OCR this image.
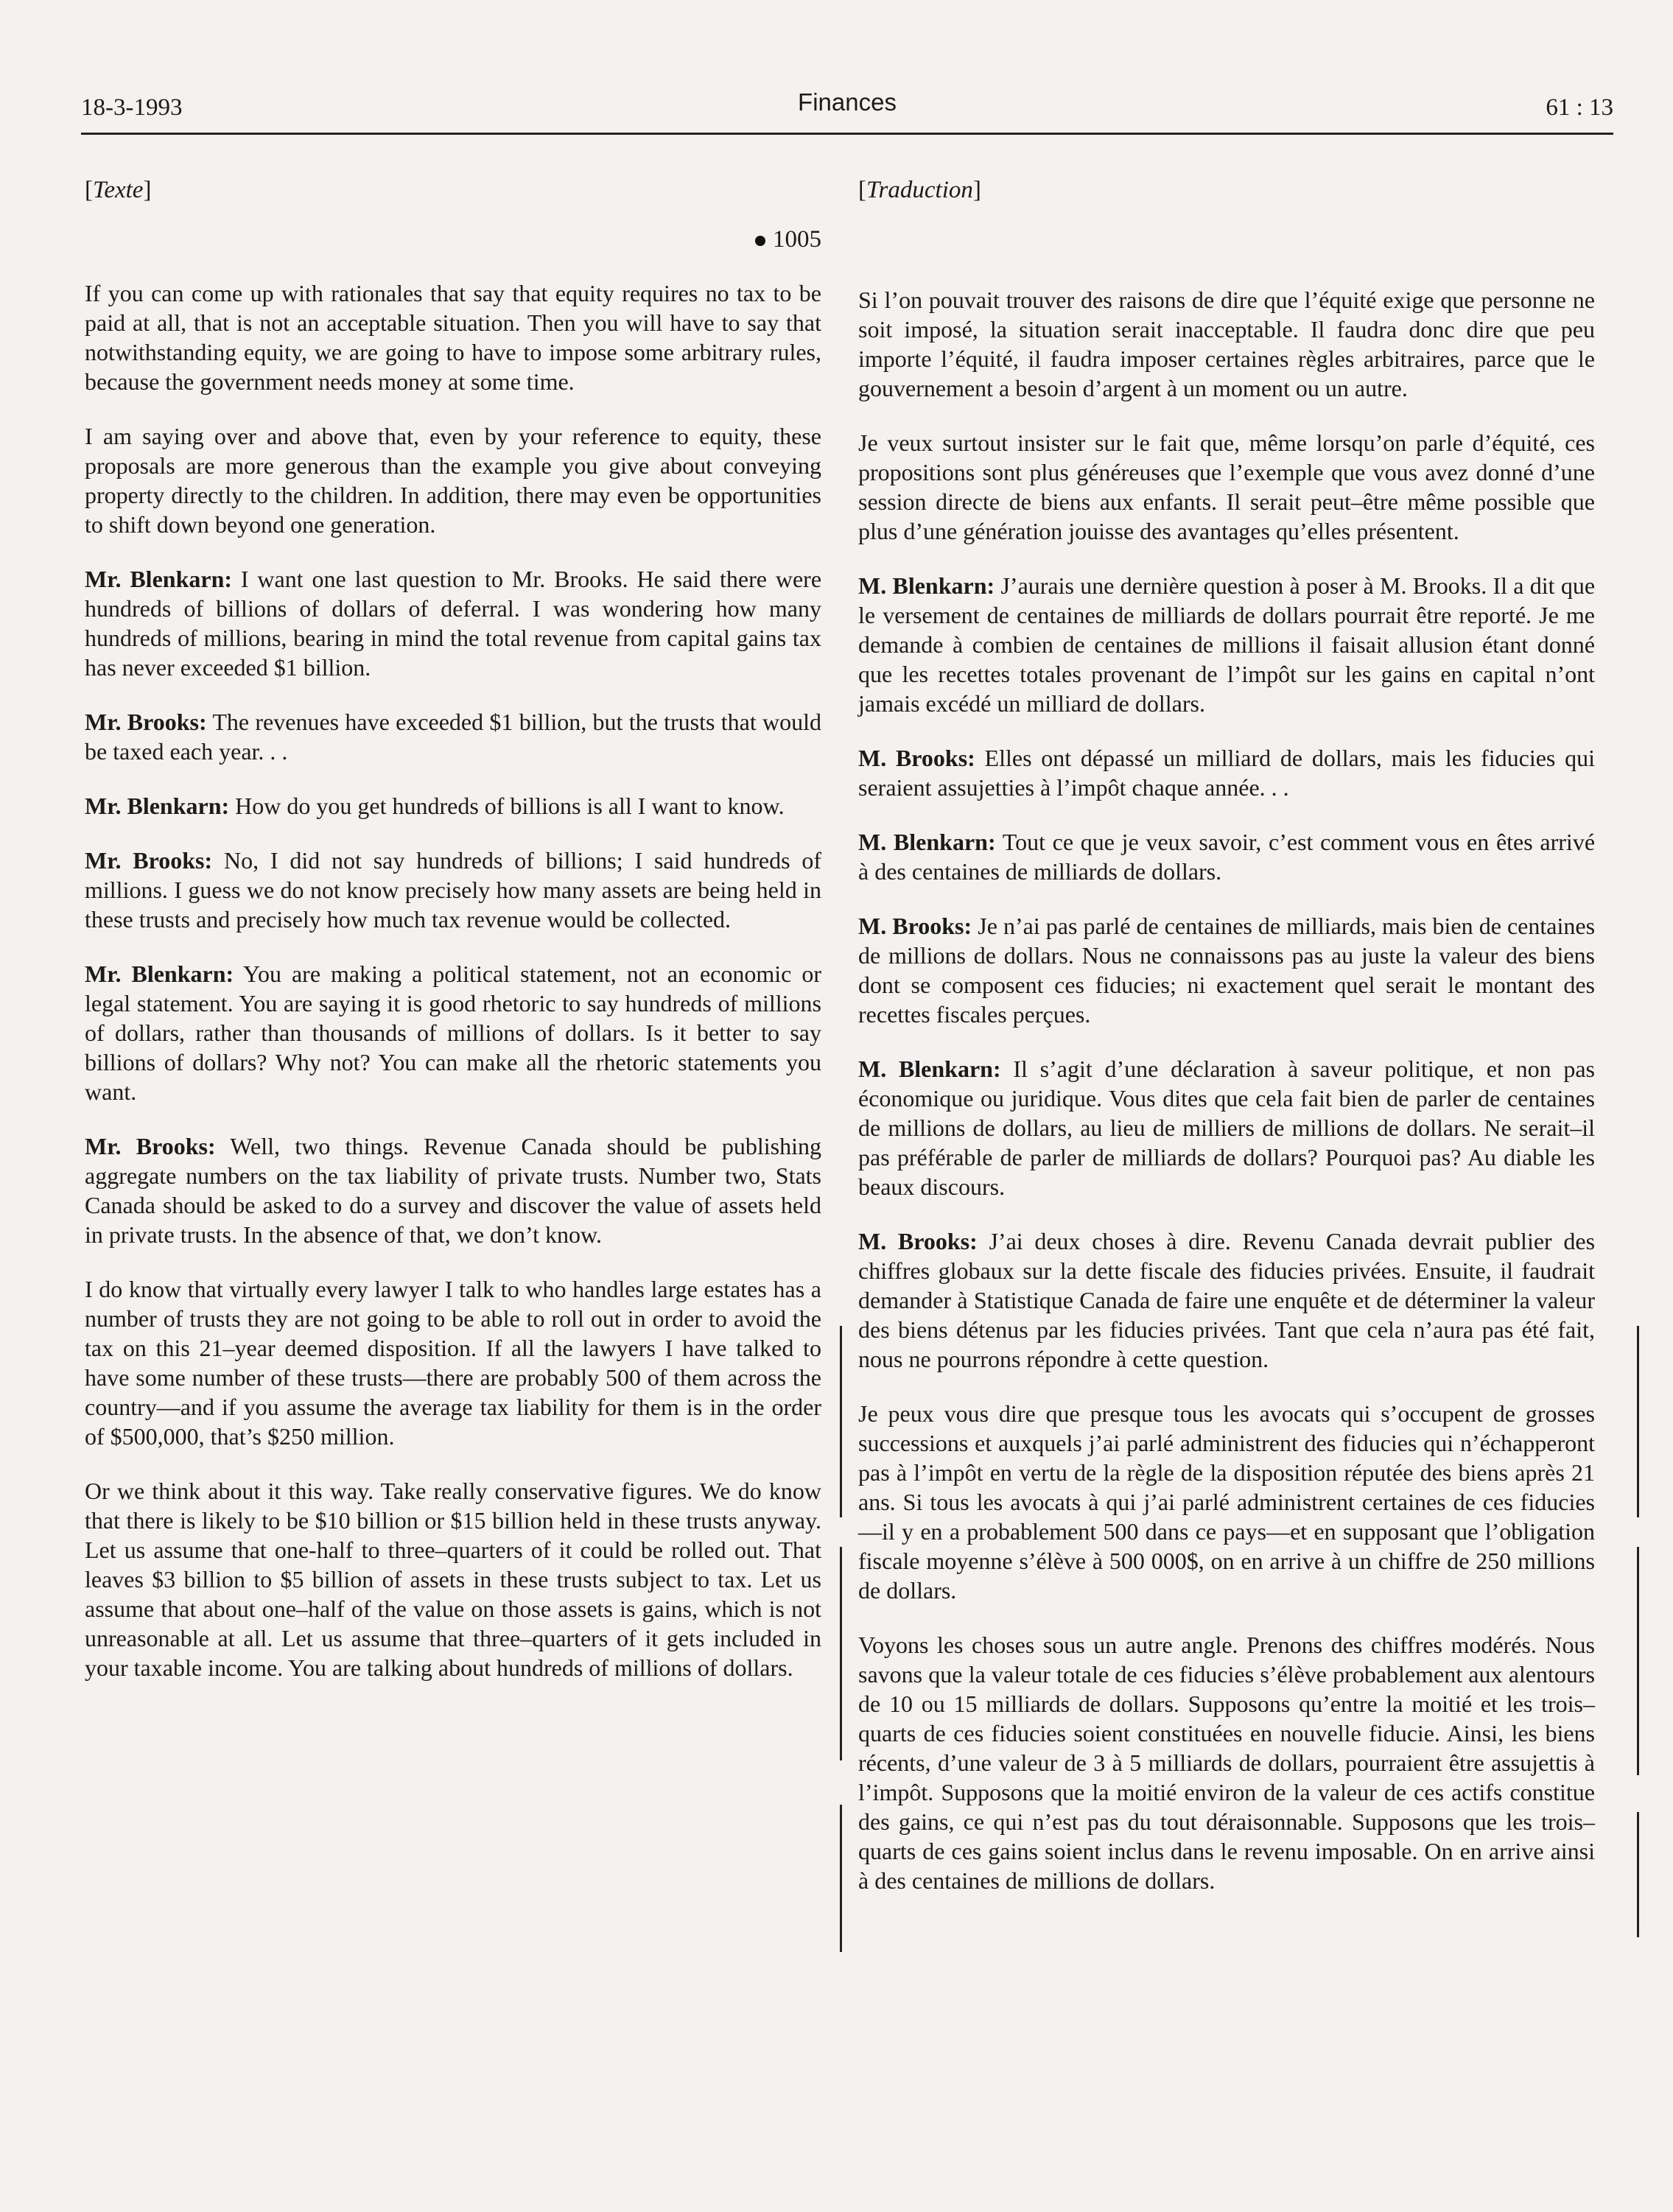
18-3-1993	Finances	61 : 13
[Texte]
1005

If you can come up with rationales that say that equity requires no tax to be paid at all, that is not an acceptable situation. Then you will have to say that notwithstanding equity, we are going to have to impose some arbitrary rules, because the government needs money at some time.

I am saying over and above that, even by your reference to equity, these proposals are more generous than the example you give about conveying property directly to the children. In addition, there may even be opportunities to shift down beyond one generation.

Mr. Blenkarn: I want one last question to Mr. Brooks. He said there were hundreds of billions of dollars of deferral. I was wondering how many hundreds of millions, bearing in mind the total revenue from capital gains tax has never exceeded $1 billion.

Mr. Brooks: The revenues have exceeded $1 billion, but the trusts that would be taxed each year. . .

Mr. Blenkarn: How do you get hundreds of billions is all I want to know.

Mr. Brooks: No, I did not say hundreds of billions; I said hundreds of millions. I guess we do not know precisely how many assets are being held in these trusts and precisely how much tax revenue would be collected.

Mr. Blenkarn: You are making a political statement, not an economic or legal statement. You are saying it is good rhetoric to say hundreds of millions of dollars, rather than thousands of millions of dollars. Is it better to say billions of dollars? Why not? You can make all the rhetoric statements you want.

Mr. Brooks: Well, two things. Revenue Canada should be publishing aggregate numbers on the tax liability of private trusts. Number two, Stats Canada should be asked to do a survey and discover the value of assets held in private trusts. In the absence of that, we don’t know.

I do know that virtually every lawyer I talk to who handles large estates has a number of trusts they are not going to be able to roll out in order to avoid the tax on this 21–year deemed disposition. If all the lawyers I have talked to have some number of these trusts—there are probably 500 of them across the country—and if you assume the average tax liability for them is in the order of $500,000, that’s $250 million.

Or we think about it this way. Take really conservative figures. We do know that there is likely to be $10 billion or $15 billion held in these trusts anyway. Let us assume that one-half to three–quarters of it could be rolled out. That leaves $3 billion to $5 billion of assets in these trusts subject to tax. Let us assume that about one–half of the value on those assets is gains, which is not unreasonable at all. Let us assume that three–quarters of it gets included in your taxable income. You are talking about hundreds of millions of dollars.

[Traduction]

Si l’on pouvait trouver des raisons de dire que l’équité exige que personne ne soit imposé, la situation serait inacceptable. Il faudra donc dire que peu importe l’équité, il faudra imposer certaines règles arbitraires, parce que le gouvernement a besoin d’argent à un moment ou un autre.

Je veux surtout insister sur le fait que, même lorsqu’on parle d’équité, ces propositions sont plus généreuses que l’exemple que vous avez donné d’une session directe de biens aux enfants. Il serait peut–être même possible que plus d’une génération jouisse des avantages qu’elles présentent.

M. Blenkarn: J’aurais une dernière question à poser à M. Brooks. Il a dit que le versement de centaines de milliards de dollars pourrait être reporté. Je me demande à combien de centaines de millions il faisait allusion étant donné que les recettes totales provenant de l’impôt sur les gains en capital n’ont jamais excédé un milliard de dollars.

M. Brooks: Elles ont dépassé un milliard de dollars, mais les fiducies qui seraient assujetties à l’impôt chaque année. . .

M. Blenkarn: Tout ce que je veux savoir, c’est comment vous en êtes arrivé à des centaines de milliards de dollars.

M. Brooks: Je n’ai pas parlé de centaines de milliards, mais bien de centaines de millions de dollars. Nous ne connaissons pas au juste la valeur des biens dont se composent ces fiducies; ni exactement quel serait le montant des recettes fiscales perçues.

M. Blenkarn: Il s’agit d’une déclaration à saveur politique, et non pas économique ou juridique. Vous dites que cela fait bien de parler de centaines de millions de dollars, au lieu de milliers de millions de dollars. Ne serait–il pas préférable de parler de milliards de dollars? Pourquoi pas? Au diable les beaux discours.

M. Brooks: J’ai deux choses à dire. Revenu Canada devrait publier des chiffres globaux sur la dette fiscale des fiducies privées. Ensuite, il faudrait demander à Statistique Canada de faire une enquête et de déterminer la valeur des biens détenus par les fiducies privées. Tant que cela n’aura pas été fait, nous ne pourrons répondre à cette question.

Je peux vous dire que presque tous les avocats qui s’occupent de grosses successions et auxquels j’ai parlé administrent des fiducies qui n’échapperont pas à l’impôt en vertu de la règle de la disposition réputée des biens après 21 ans. Si tous les avocats à qui j’ai parlé administrent certaines de ces fiducies—il y en a probablement 500 dans ce pays—et en supposant que l’obligation fiscale moyenne s’élève à 500 000$, on en arrive à un chiffre de 250 millions de dollars.

Voyons les choses sous un autre angle. Prenons des chiffres modérés. Nous savons que la valeur totale de ces fiducies s’élève probablement aux alentours de 10 ou 15 milliards de dollars. Supposons qu’entre la moitié et les trois–quarts de ces fiducies soient constituées en nouvelle fiducie. Ainsi, les biens récents, d’une valeur de 3 à 5 milliards de dollars, pourraient être assujettis à l’impôt. Supposons que la moitié environ de la valeur de ces actifs constitue des gains, ce qui n’est pas du tout déraisonnable. Supposons que les trois–quarts de ces gains soient inclus dans le revenu imposable. On en arrive ainsi à des centaines de millions de dollars.
